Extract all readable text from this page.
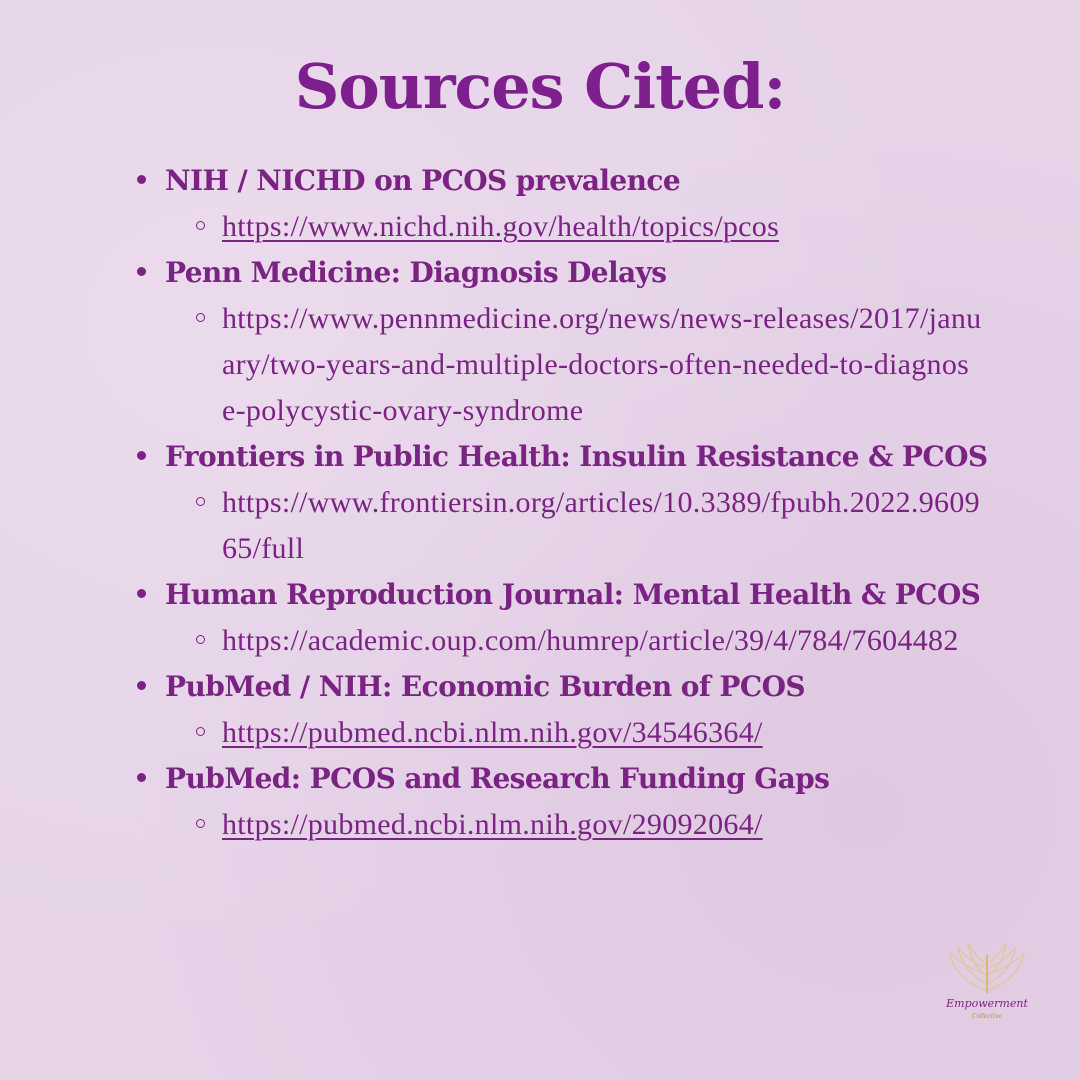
Sources Cited:
NIH / NICHD on PCOS prevalence
https://www.nichd.nih.gov/health/topics/pcos
Penn Medicine: Diagnosis Delays
https://www.pennmedicine.org/news/news-releases/2017/january/two-years-and-multiple-doctors-often-needed-to-diagnose-polycystic-ovary-syndrome
Frontiers in Public Health: Insulin Resistance & PCOS
https://www.frontiersin.org/articles/10.3389/fpubh.2022.960965/full
Human Reproduction Journal: Mental Health & PCOS
https://academic.oup.com/humrep/article/39/4/784/7604482
PubMed / NIH: Economic Burden of PCOS
https://pubmed.ncbi.nlm.nih.gov/34546364/
PubMed: PCOS and Research Funding Gaps
https://pubmed.ncbi.nlm.nih.gov/29092064/
Empowerment
Collective
